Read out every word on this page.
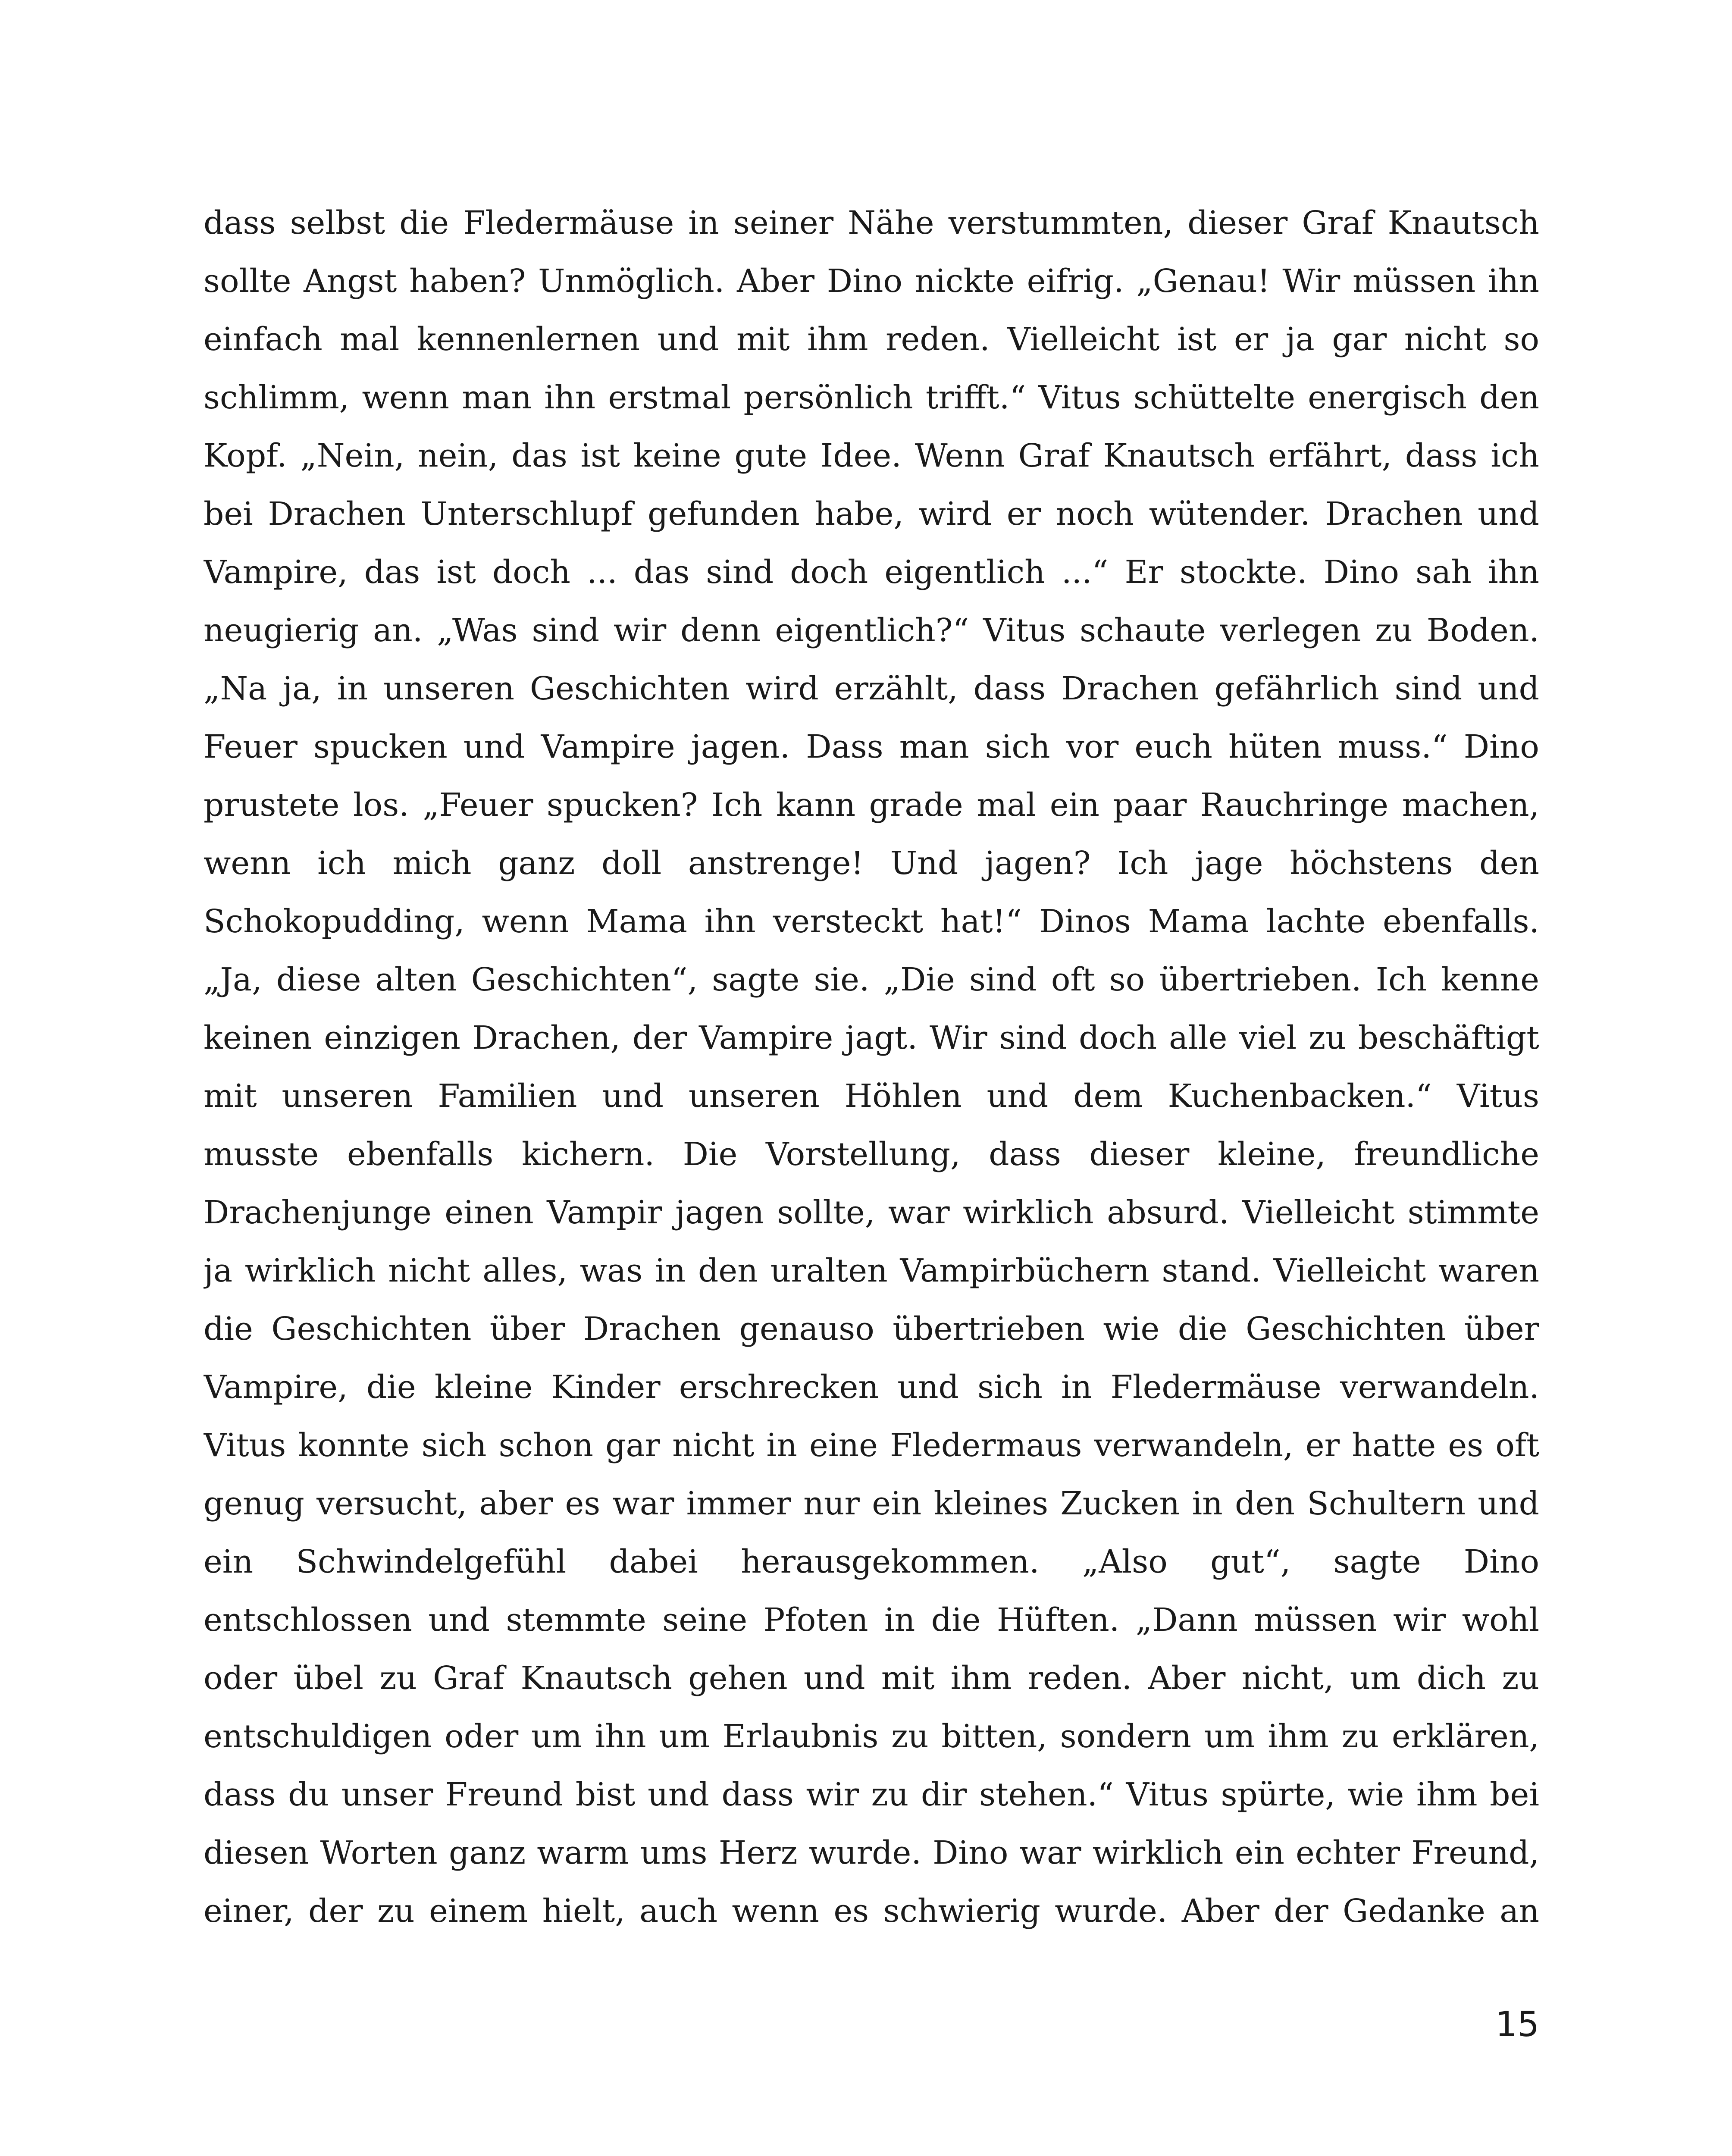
dass selbst die Fledermäuse in seiner Nähe verstummten, dieser Graf Knautsch
sollte Angst haben? Unmöglich. Aber Dino nickte eifrig. „Genau! Wir müssen ihn
einfach mal kennenlernen und mit ihm reden. Vielleicht ist er ja gar nicht so
schlimm, wenn man ihn erstmal persönlich trifft.“ Vitus schüttelte energisch den
Kopf. „Nein, nein, das ist keine gute Idee. Wenn Graf Knautsch erfährt, dass ich
bei Drachen Unterschlupf gefunden habe, wird er noch wütender. Drachen und
Vampire, das ist doch ... das sind doch eigentlich ...“ Er stockte. Dino sah ihn
neugierig an. „Was sind wir denn eigentlich?“ Vitus schaute verlegen zu Boden.
„Na ja, in unseren Geschichten wird erzählt, dass Drachen gefährlich sind und
Feuer spucken und Vampire jagen. Dass man sich vor euch hüten muss.“ Dino
prustete los. „Feuer spucken? Ich kann grade mal ein paar Rauchringe machen,
wenn ich mich ganz doll anstrenge! Und jagen? Ich jage höchstens den
Schokopudding, wenn Mama ihn versteckt hat!“ Dinos Mama lachte ebenfalls.
„Ja, diese alten Geschichten“, sagte sie. „Die sind oft so übertrieben. Ich kenne
keinen einzigen Drachen, der Vampire jagt. Wir sind doch alle viel zu beschäftigt
mit unseren Familien und unseren Höhlen und dem Kuchenbacken.“ Vitus
musste ebenfalls kichern. Die Vorstellung, dass dieser kleine, freundliche
Drachenjunge einen Vampir jagen sollte, war wirklich absurd. Vielleicht stimmte
ja wirklich nicht alles, was in den uralten Vampirbüchern stand. Vielleicht waren
die Geschichten über Drachen genauso übertrieben wie die Geschichten über
Vampire, die kleine Kinder erschrecken und sich in Fledermäuse verwandeln.
Vitus konnte sich schon gar nicht in eine Fledermaus verwandeln, er hatte es oft
genug versucht, aber es war immer nur ein kleines Zucken in den Schultern und
ein Schwindelgefühl dabei herausgekommen. „Also gut“, sagte Dino
entschlossen und stemmte seine Pfoten in die Hüften. „Dann müssen wir wohl
oder übel zu Graf Knautsch gehen und mit ihm reden. Aber nicht, um dich zu
entschuldigen oder um ihn um Erlaubnis zu bitten, sondern um ihm zu erklären,
dass du unser Freund bist und dass wir zu dir stehen.“ Vitus spürte, wie ihm bei
diesen Worten ganz warm ums Herz wurde. Dino war wirklich ein echter Freund,
einer, der zu einem hielt, auch wenn es schwierig wurde. Aber der Gedanke an
15
